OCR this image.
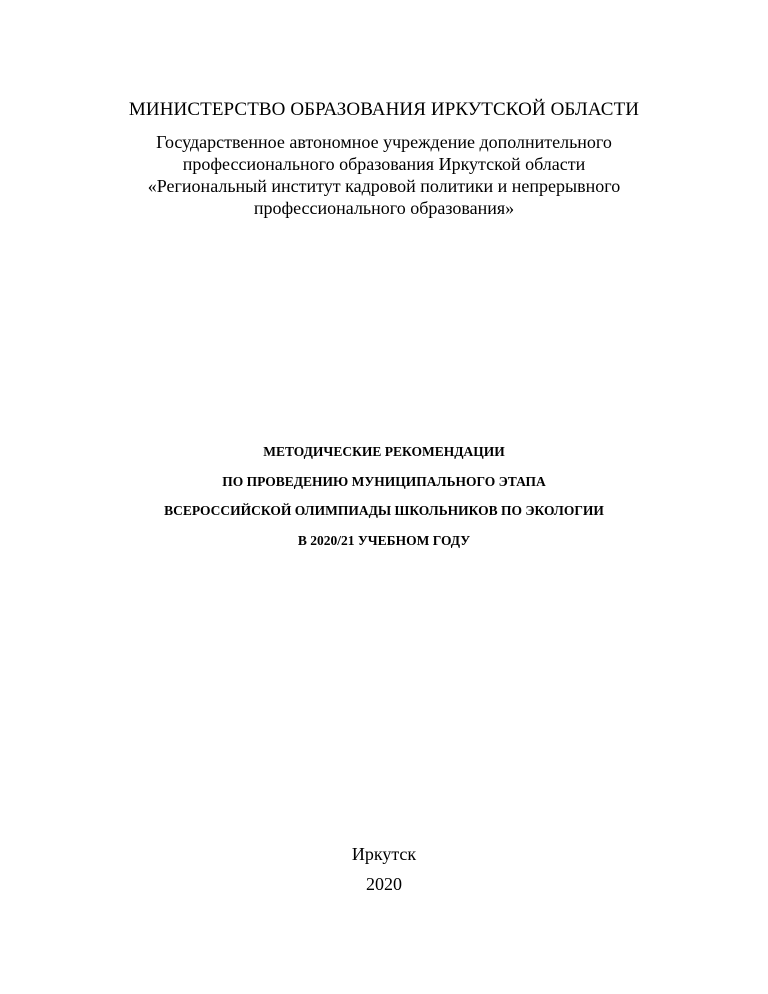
МИНИСТЕРСТВО ОБРАЗОВАНИЯ ИРКУТСКОЙ ОБЛАСТИ
Государственное автономное учреждение дополнительного
профессионального образования Иркутской области
«Региональный институт кадровой политики и непрерывного
профессионального образования»
МЕТОДИЧЕСКИЕ РЕКОМЕНДАЦИИ
ПО ПРОВЕДЕНИЮ МУНИЦИПАЛЬНОГО ЭТАПА
ВСЕРОССИЙСКОЙ ОЛИМПИАДЫ ШКОЛЬНИКОВ ПО ЭКОЛОГИИ
В 2020/21 УЧЕБНОМ ГОДУ
Иркутск
2020
